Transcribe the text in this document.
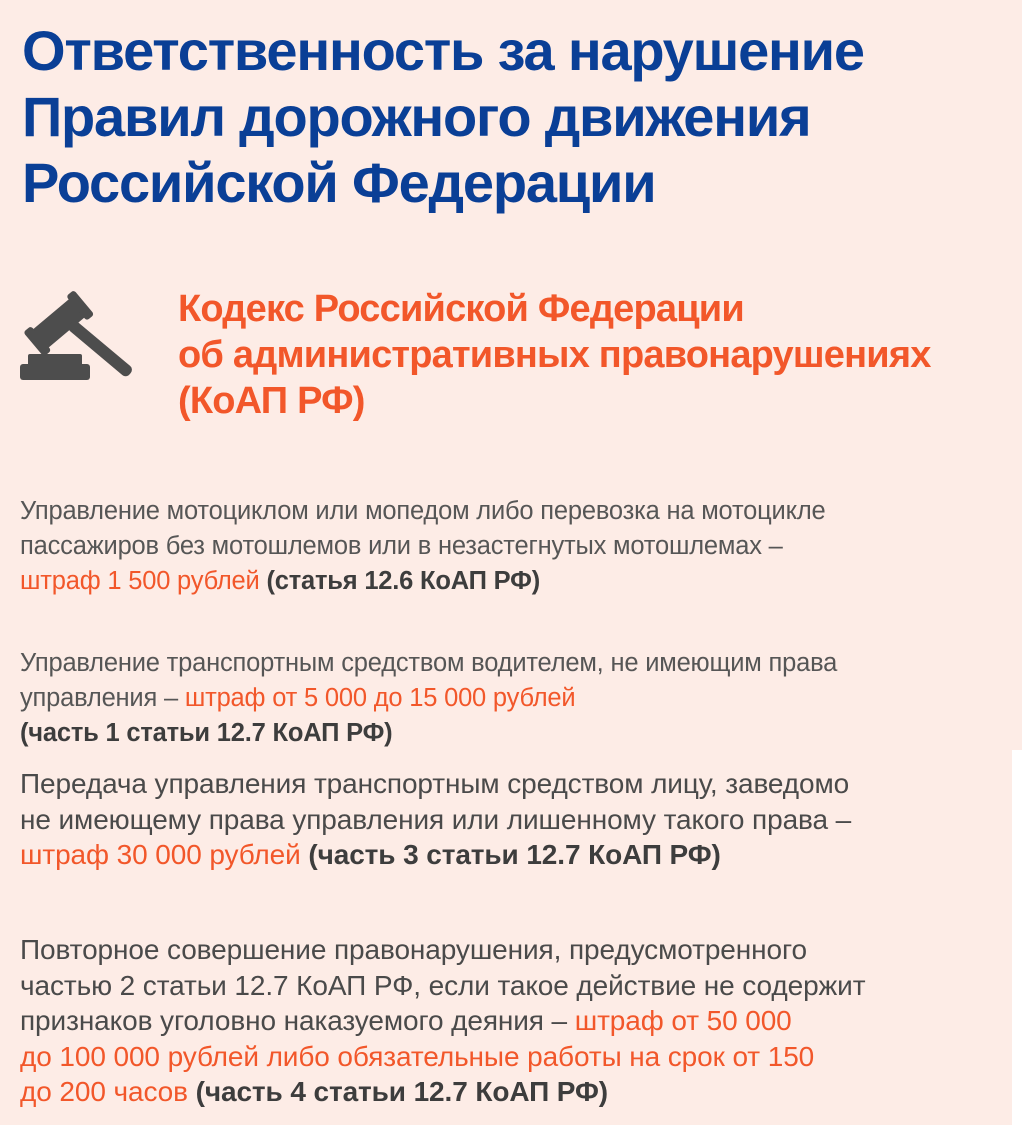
Ответственность за нарушение
Правил дорожного движения
Российской Федерации
Кодекс Российской Федерации
об административных правонарушениях
(КоАП РФ)

Управление мотоциклом или мопедом либо перевозка на мотоцикле
пассажиров без мотошлемов или в незастегнутых мотошлемах –
штраф 1 500 рублей (статья 12.6 КоАП РФ)

Управление транспортным средством водителем, не имеющим права
управления – штраф от 5 000 до 15 000 рублей
(часть 1 статьи 12.7 КоАП РФ)

Передача управления транспортным средством лицу, заведомо
не имеющему права управления или лишенному такого права –
штраф 30 000 рублей (часть 3 статьи 12.7 КоАП РФ)

Повторное совершение правонарушения, предусмотренного
частью 2 статьи 12.7 КоАП РФ, если такое действие не содержит
признаков уголовно наказуемого деяния – штраф от 50 000
до 100 000 рублей либо обязательные работы на срок от 150
до 200 часов (часть 4 статьи 12.7 КоАП РФ)
